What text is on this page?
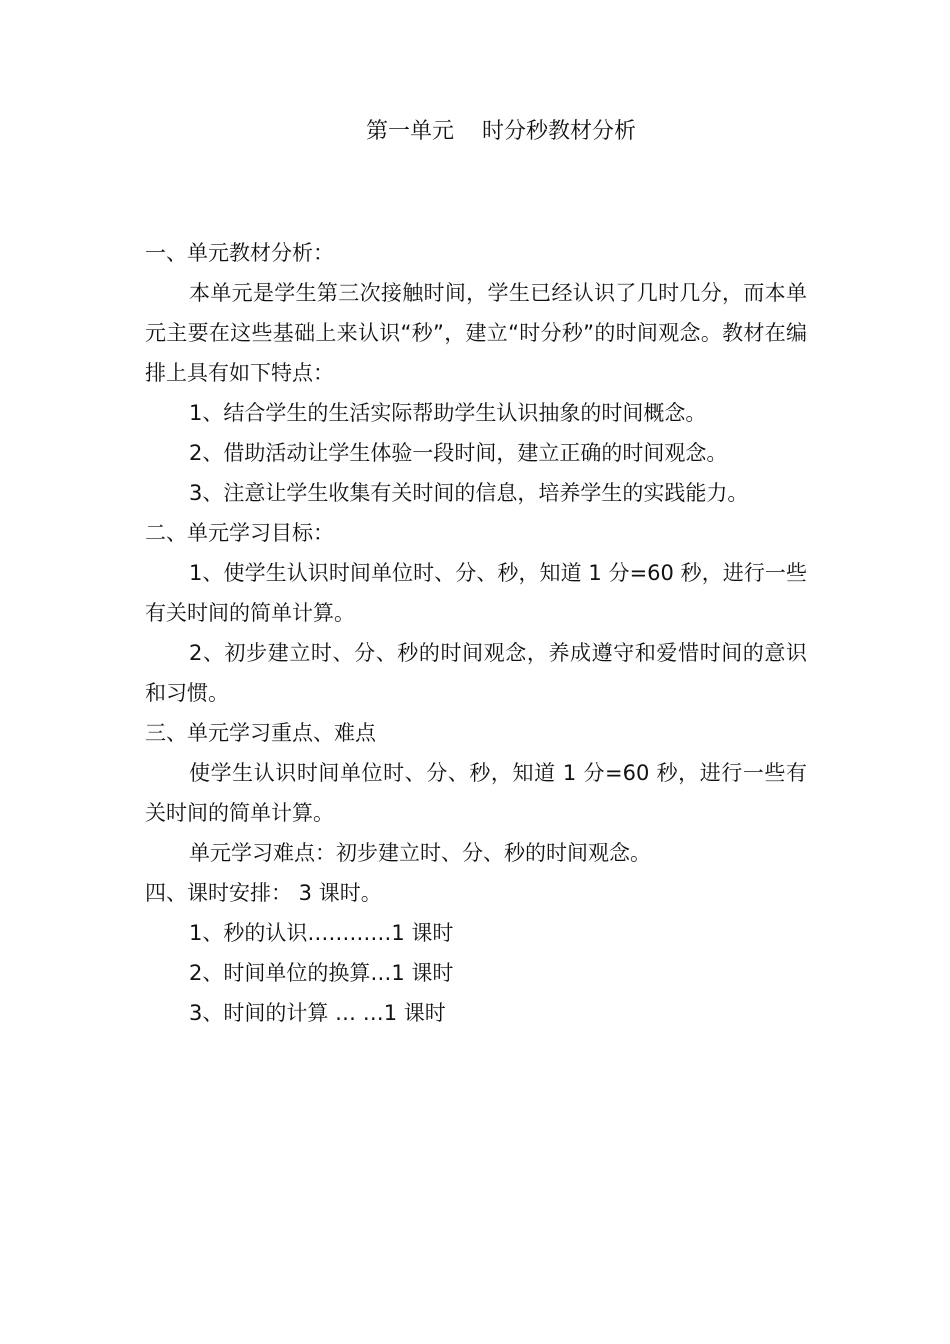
第一单元    时分秒教材分析

一、单元教材分析：

本单元是学生第三次接触时间，学生已经认识了几时几分，而本单元主要在这些基础上来认识“秒”，建立“时分秒”的时间观念。教材在编排上具有如下特点：

1、结合学生的生活实际帮助学生认识抽象的时间概念。

2、借助活动让学生体验一段时间，建立正确的时间观念。

3、注意让学生收集有关时间的信息，培养学生的实践能力。

二、单元学习目标：

1、使学生认识时间单位时、分、秒，知道 1 分=60 秒，进行一些有关时间的简单计算。

2、初步建立时、分、秒的时间观念，养成遵守和爱惜时间的意识和习惯。

三、单元学习重点、难点

使学生认识时间单位时、分、秒，知道 1 分=60 秒，进行一些有关时间的简单计算。

单元学习难点：初步建立时、分、秒的时间观念。

四、课时安排： 3 课时。

1、秒的认识…………1 课时

2、时间单位的换算…1 课时

3、时间的计算 … …1 课时
